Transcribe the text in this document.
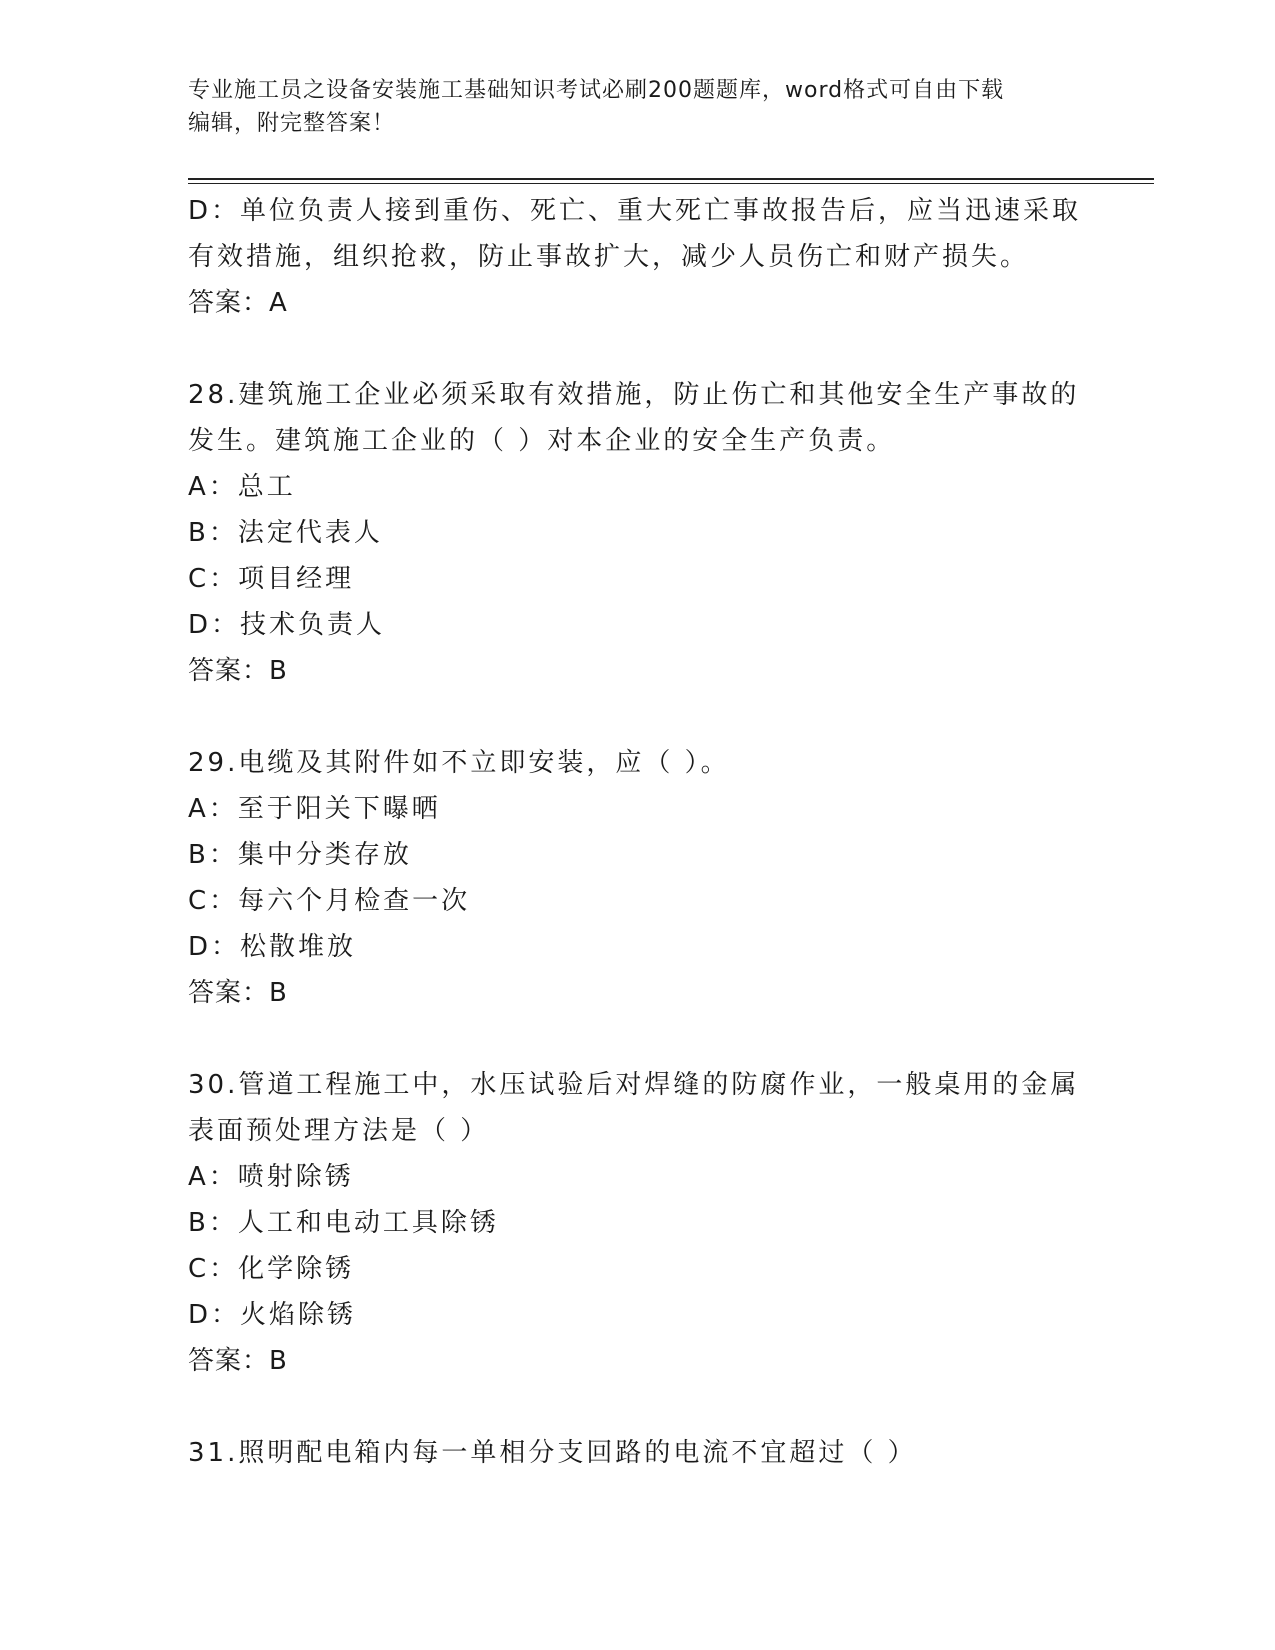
专业施工员之设备安装施工基础知识考试必刷200题题库，word格式可自由下载
编辑，附完整答案！
D：单位负责人接到重伤、死亡、重大死亡事故报告后，应当迅速采取
有效措施，组织抢救，防止事故扩大，减少人员伤亡和财产损失。
答案：A
28.建筑施工企业必须采取有效措施，防止伤亡和其他安全生产事故的
发生。建筑施工企业的（ ）对本企业的安全生产负责。
A：总工
B：法定代表人
C：项目经理
D：技术负责人
答案：B
29.电缆及其附件如不立即安装，应（ ）。
A：至于阳关下曝晒
B：集中分类存放
C：每六个月检查一次
D：松散堆放
答案：B
30.管道工程施工中，水压试验后对焊缝的防腐作业，一般桌用的金属
表面预处理方法是（ ）
A：喷射除锈
B：人工和电动工具除锈
C：化学除锈
D：火焰除锈
答案：B
31.照明配电箱内每一单相分支回路的电流不宜超过（ ）
